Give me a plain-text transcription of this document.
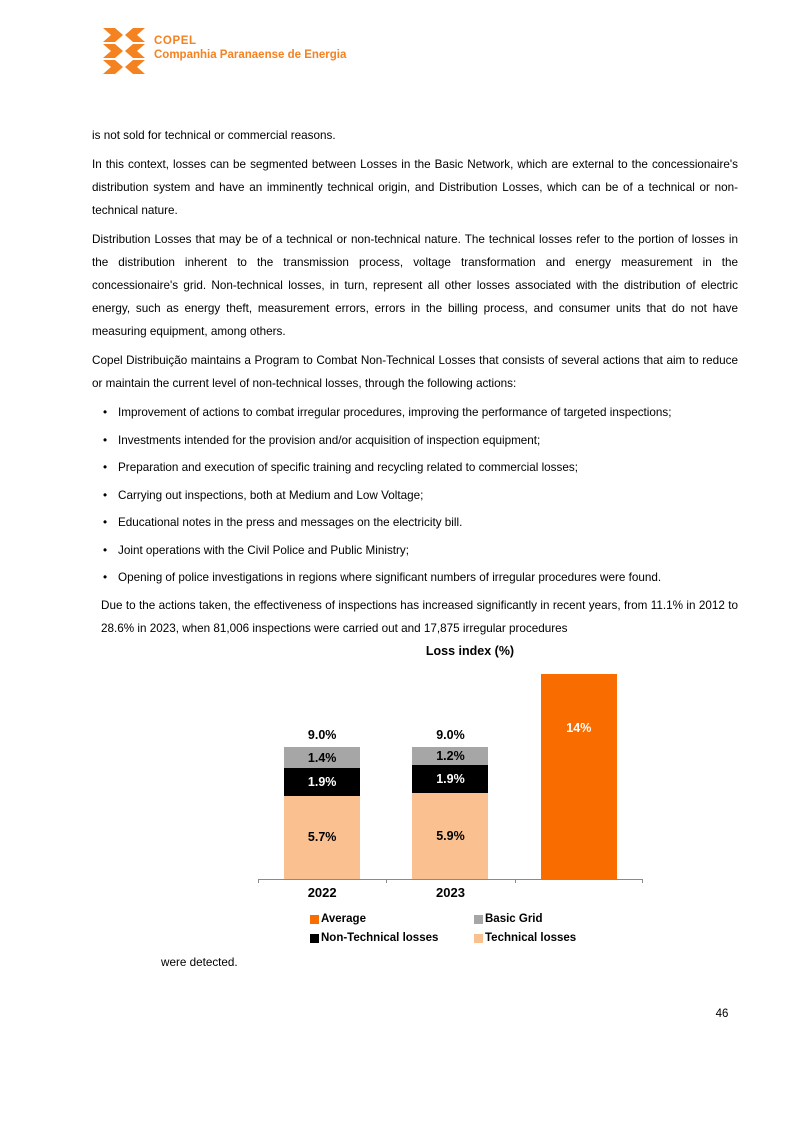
COPEL
Companhia Paranaense de Energia

is not sold for technical or commercial reasons.

In this context, losses can be segmented between Losses in the Basic Network, which are external to the concessionaire's distribution system and have an imminently technical origin, and Distribution Losses, which can be of a technical or non-technical nature.

Distribution Losses that may be of a technical or non-technical nature. The technical losses refer to the portion of losses in the distribution inherent to the transmission process, voltage transformation and energy measurement in the concessionaire's grid. Non-technical losses, in turn, represent all other losses associated with the distribution of electric energy, such as energy theft, measurement errors, errors in the billing process, and consumer units that do not have measuring equipment, among others.

Copel Distribuição maintains a Program to Combat Non-Technical Losses that consists of several actions that aim to reduce or maintain the current level of non-technical losses, through the following actions:

• Improvement of actions to combat irregular procedures, improving the performance of targeted inspections;
• Investments intended for the provision and/or acquisition of inspection equipment;
• Preparation and execution of specific training and recycling related to commercial losses;
• Carrying out inspections, both at Medium and Low Voltage;
• Educational notes in the press and messages on the electricity bill.
• Joint operations with the Civil Police and Public Ministry;
• Opening of police investigations in regions where significant numbers of irregular procedures were found.

Due to the actions taken, the effectiveness of inspections has increased significantly in recent years, from 11.1% in 2012 to 28.6% in 2023, when 81,006 inspections were carried out and 17,875 irregular procedures

Loss index (%)
5.7%
1.9%
1.4%
9.0%
2022
5.9%
1.9%
1.2%
9.0%
2023
14%
Average	Basic Grid
Non-Technical losses	Technical losses

were detected.

46
